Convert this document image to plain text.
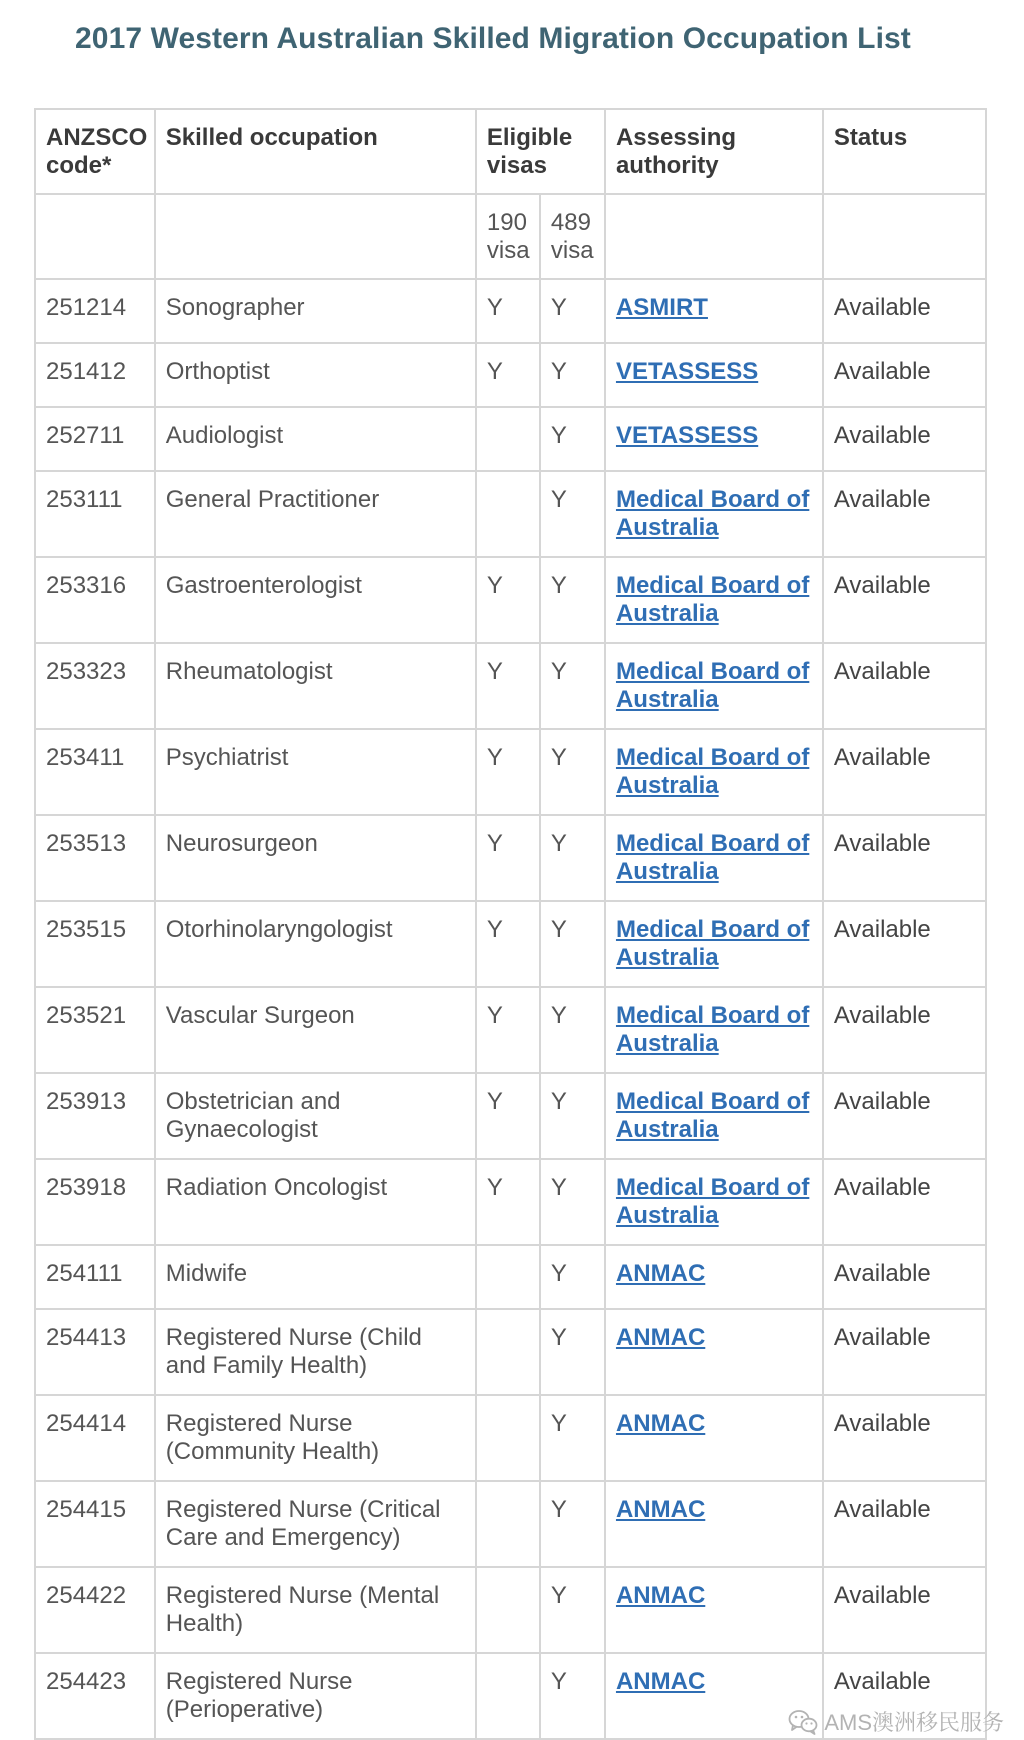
2017 Western Australian Skilled Migration Occupation List
ANZSCO code*	Skilled occupation	Eligible visas		Assessing authority	Status
		190 visa	489 visa		
251214	Sonographer	Y	Y	ASMIRT	Available
251412	Orthoptist	Y	Y	VETASSESS	Available
252711	Audiologist		Y	VETASSESS	Available
253111	General Practitioner		Y	Medical Board of Australia	Available
253316	Gastroenterologist	Y	Y	Medical Board of Australia	Available
253323	Rheumatologist	Y	Y	Medical Board of Australia	Available
253411	Psychiatrist	Y	Y	Medical Board of Australia	Available
253513	Neurosurgeon	Y	Y	Medical Board of Australia	Available
253515	Otorhinolaryngologist	Y	Y	Medical Board of Australia	Available
253521	Vascular Surgeon	Y	Y	Medical Board of Australia	Available
253913	Obstetrician and Gynaecologist	Y	Y	Medical Board of Australia	Available
253918	Radiation Oncologist	Y	Y	Medical Board of Australia	Available
254111	Midwife		Y	ANMAC	Available
254413	Registered Nurse (Child and Family Health)		Y	ANMAC	Available
254414	Registered Nurse (Community Health)		Y	ANMAC	Available
254415	Registered Nurse (Critical Care and Emergency)		Y	ANMAC	Available
254422	Registered Nurse (Mental Health)		Y	ANMAC	Available
254423	Registered Nurse (Perioperative)		Y	ANMAC	Available
AMS澳洲移民服务
